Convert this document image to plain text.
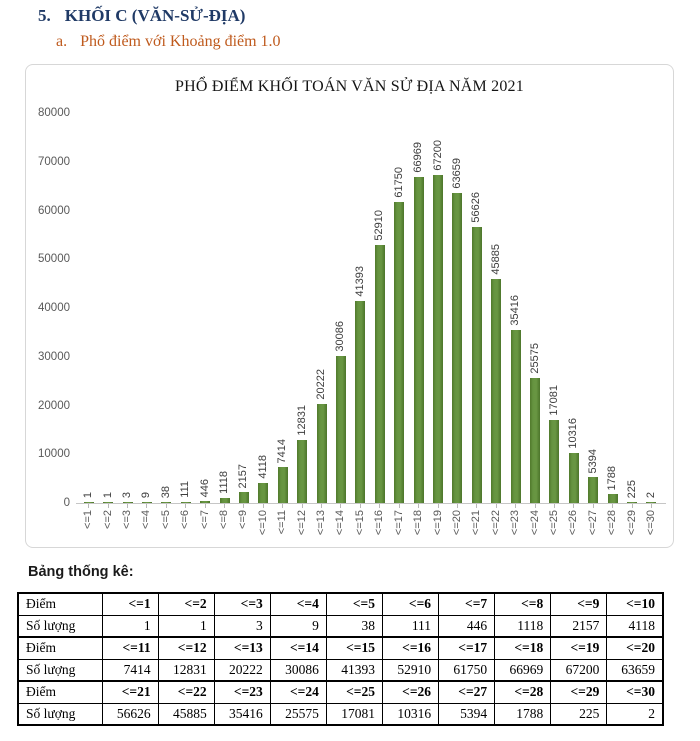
5. KHỐI C (VĂN-SỬ-ĐỊA)
a. Phổ điểm với Khoảng điểm 1.0
PHỔ ĐIỂM KHỐI TOÁN VĂN SỬ ĐỊA NĂM 2021
0
10000
20000
30000
40000
50000
60000
70000
80000
1 1 3 9 38 111 446 1118 2157 4118
7414
12831
20222
30086
41393
52910
61750
66969 67200
63659
56626
45885
35416
25575
17081
10316
5394
1788 225 2
<=1 <=2 <=3 <=4 <=5 <=6 <=7 <=8 <=9 <=10 <=11 <=12 <=13 <=14 <=15 <=16 <=17 <=18 <=19 <=20 <=21 <=22 <=23 <=24 <=25 <=26 <=27 <=28 <=29 <=30
Bảng thống kê:
Điểm	<=1	<=2	<=3	<=4	<=5	<=6	<=7	<=8	<=9	<=10
Số lượng	1	1	3	9	38	111	446	1118	2157	4118
Điểm	<=11	<=12	<=13	<=14	<=15	<=16	<=17	<=18	<=19	<=20
Số lượng	7414	12831	20222	30086	41393	52910	61750	66969	67200	63659
Điểm	<=21	<=22	<=23	<=24	<=25	<=26	<=27	<=28	<=29	<=30
Số lượng	56626	45885	35416	25575	17081	10316	5394	1788	225	2
